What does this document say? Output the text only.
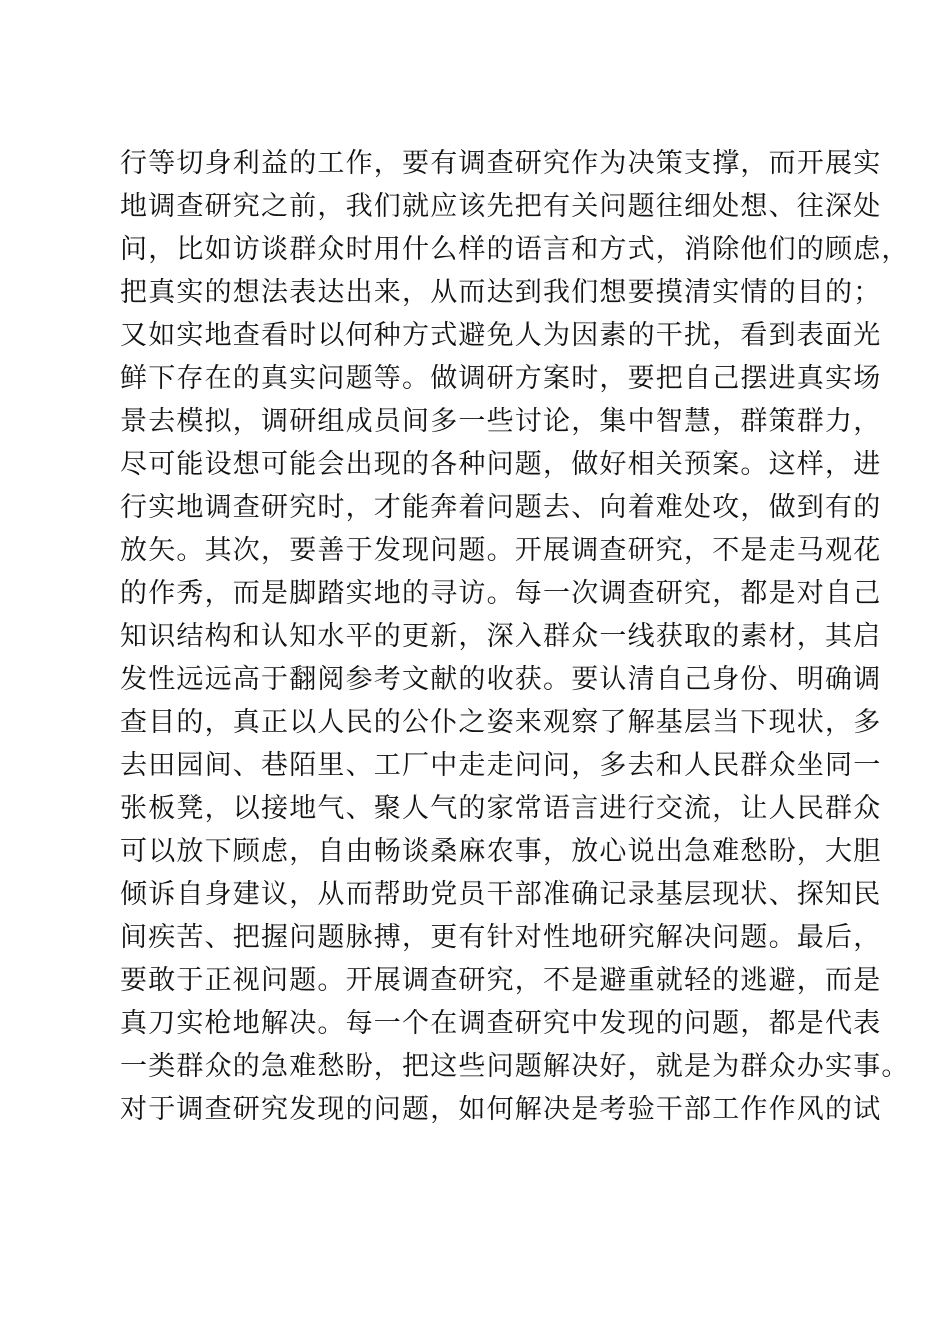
行等切身利益的工作，要有调查研究作为决策支撑，而开展实
地调查研究之前，我们就应该先把有关问题往细处想、往深处
问，比如访谈群众时用什么样的语言和方式，消除他们的顾虑，
把真实的想法表达出来，从而达到我们想要摸清实情的目的；
又如实地查看时以何种方式避免人为因素的干扰，看到表面光
鲜下存在的真实问题等。做调研方案时，要把自己摆进真实场
景去模拟，调研组成员间多一些讨论，集中智慧，群策群力，
尽可能设想可能会出现的各种问题，做好相关预案。这样，进
行实地调查研究时，才能奔着问题去、向着难处攻，做到有的
放矢。其次，要善于发现问题。开展调查研究，不是走马观花
的作秀，而是脚踏实地的寻访。每一次调查研究，都是对自己
知识结构和认知水平的更新，深入群众一线获取的素材，其启
发性远远高于翻阅参考文献的收获。要认清自己身份、明确调
查目的，真正以人民的公仆之姿来观察了解基层当下现状，多
去田园间、巷陌里、工厂中走走问问，多去和人民群众坐同一
张板凳，以接地气、聚人气的家常语言进行交流，让人民群众
可以放下顾虑，自由畅谈桑麻农事，放心说出急难愁盼，大胆
倾诉自身建议，从而帮助党员干部准确记录基层现状、探知民
间疾苦、把握问题脉搏，更有针对性地研究解决问题。最后，
要敢于正视问题。开展调查研究，不是避重就轻的逃避，而是
真刀实枪地解决。每一个在调查研究中发现的问题，都是代表
一类群众的急难愁盼，把这些问题解决好，就是为群众办实事。
对于调查研究发现的问题，如何解决是考验干部工作作风的试
